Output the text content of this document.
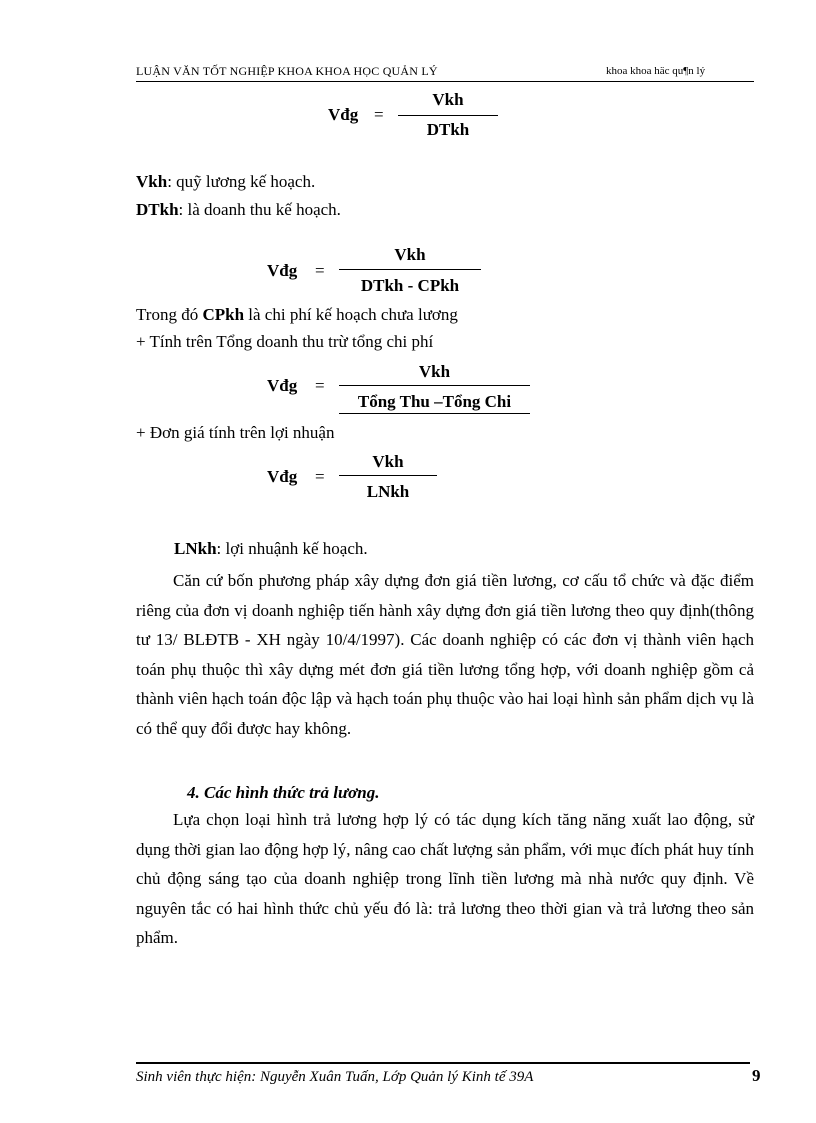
LUẬN VĂN TỐT NGHIỆP KHOA KHOA HỌC QUẢN LÝ	khoa khoa häc qu¶n lý
Vđg =
Vkh
DTkh
Vkh: quỹ lương kế hoạch.
DTkh: là doanh thu kế hoạch.
Vđg =
Vkh
DTkh - CPkh
Trong đó CPkh là chi phí kế hoạch chưa lương
+ Tính trên Tổng doanh thu trừ tổng chi phí
Vđg =
Vkh
Tổng Thu –Tổng Chi
+ Đơn giá tính trên lợi nhuận
Vđg =
Vkh
LNkh
LNkh: lợi nhuậnh kế hoạch.

Căn cứ bốn phương pháp xây dựng đơn giá tiền lương, cơ cấu tổ chức và đặc điểm riêng của đơn vị doanh nghiệp tiến hành xây dựng đơn giá tiền lương theo quy định(thông tư 13/ BLĐTB - XH ngày 10/4/1997). Các doanh nghiệp có các đơn vị thành viên hạch toán phụ thuộc thì xây dựng mét đơn giá tiền lương tổng hợp, với doanh nghiệp gồm cả thành viên hạch toán độc lập và hạch toán phụ thuộc vào hai loại hình sản phẩm dịch vụ là có thể quy đổi được hay không.

4. Các hình thức trả lương.

Lựa chọn loại hình trả lương hợp lý có tác dụng kích tăng năng xuất lao động, sử dụng thời gian lao động hợp lý, nâng cao chất lượng sản phẩm, với mục đích phát huy tính chủ động sáng tạo của doanh nghiệp trong lĩnh tiền lương mà nhà nước quy định. Về nguyên tắc có hai hình thức chủ yếu đó là: trả lương theo thời gian và trả lương theo sản phẩm.

Sinh viên thực hiện: Nguyễn Xuân Tuấn, Lớp Quản lý Kinh tế 39A	9
